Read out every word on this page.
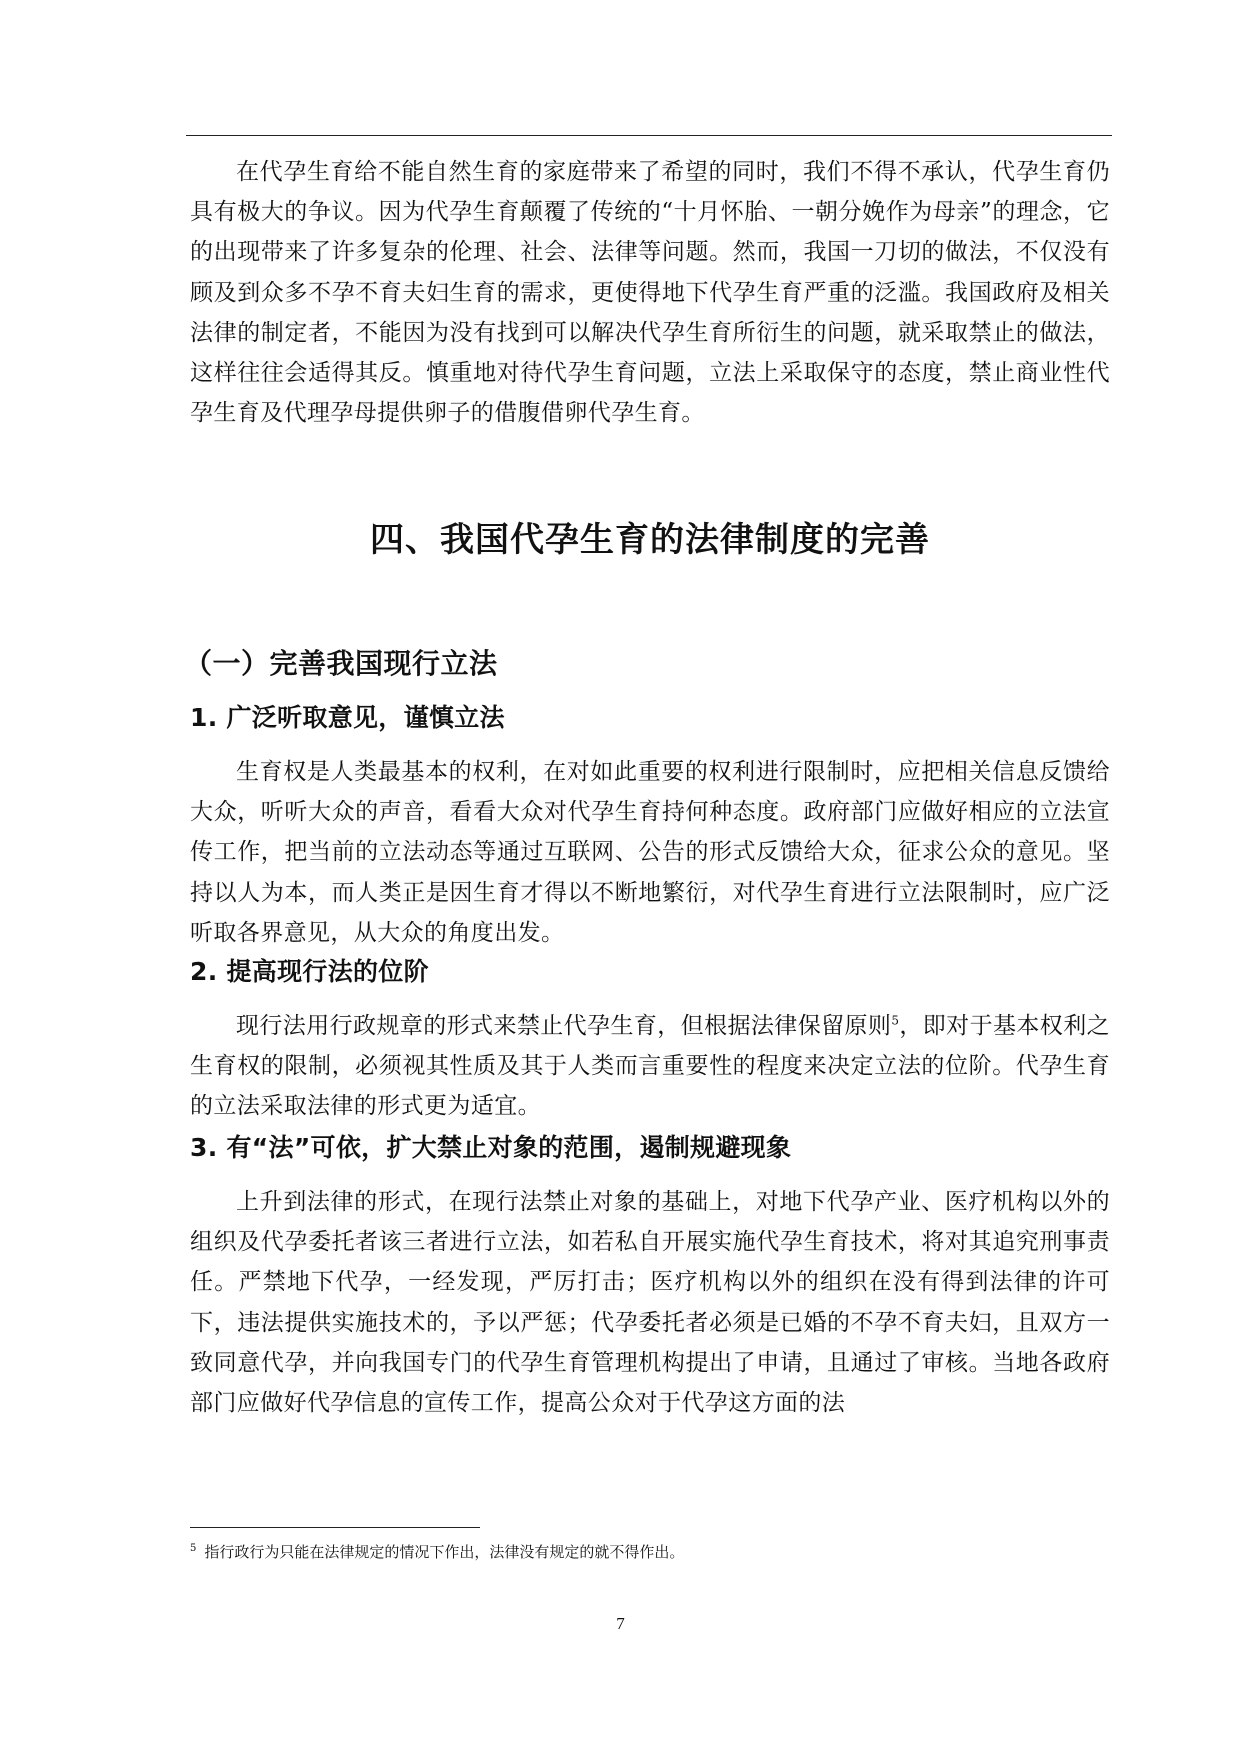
在代孕生育给不能自然生育的家庭带来了希望的同时，我们不得不承认，代孕生育仍具有极大的争议。因为代孕生育颠覆了传统的“十月怀胎、一朝分娩作为母亲”的理念，它的出现带来了许多复杂的伦理、社会、法律等问题。然而，我国一刀切的做法，不仅没有顾及到众多不孕不育夫妇生育的需求，更使得地下代孕生育严重的泛滥。我国政府及相关法律的制定者，不能因为没有找到可以解决代孕生育所衍生的问题，就采取禁止的做法，这样往往会适得其反。慎重地对待代孕生育问题，立法上采取保守的态度，禁止商业性代孕生育及代理孕母提供卵子的借腹借卵代孕生育。

四、我国代孕生育的法律制度的完善
（一）完善我国现行立法
1. 广泛听取意见，谨慎立法

生育权是人类最基本的权利，在对如此重要的权利进行限制时，应把相关信息反馈给大众，听听大众的声音，看看大众对代孕生育持何种态度。政府部门应做好相应的立法宣传工作，把当前的立法动态等通过互联网、公告的形式反馈给大众，征求公众的意见。坚持以人为本，而人类正是因生育才得以不断地繁衍，对代孕生育进行立法限制时，应广泛听取各界意见，从大众的角度出发。

2. 提高现行法的位阶

现行法用行政规章的形式来禁止代孕生育，但根据法律保留原则$^5$，即对于基本权利之生育权的限制，必须视其性质及其于人类而言重要性的程度来决定立法的位阶。代孕生育的立法采取法律的形式更为适宜。

3. 有“法”可依，扩大禁止对象的范围，遏制规避现象

上升到法律的形式，在现行法禁止对象的基础上，对地下代孕产业、医疗机构以外的组织及代孕委托者该三者进行立法，如若私自开展实施代孕生育技术，将对其追究刑事责任。严禁地下代孕，一经发现，严厉打击；医疗机构以外的组织在没有得到法律的许可下，违法提供实施技术的，予以严惩；代孕委托者必须是已婚的不孕不育夫妇，且双方一致同意代孕，并向我国专门的代孕生育管理机构提出了申请，且通过了审核。当地各政府部门应做好代孕信息的宣传工作，提高公众对于代孕这方面的法

$^5$ 指行政行为只能在法律规定的情况下作出，法律没有规定的就不得作出。

7
